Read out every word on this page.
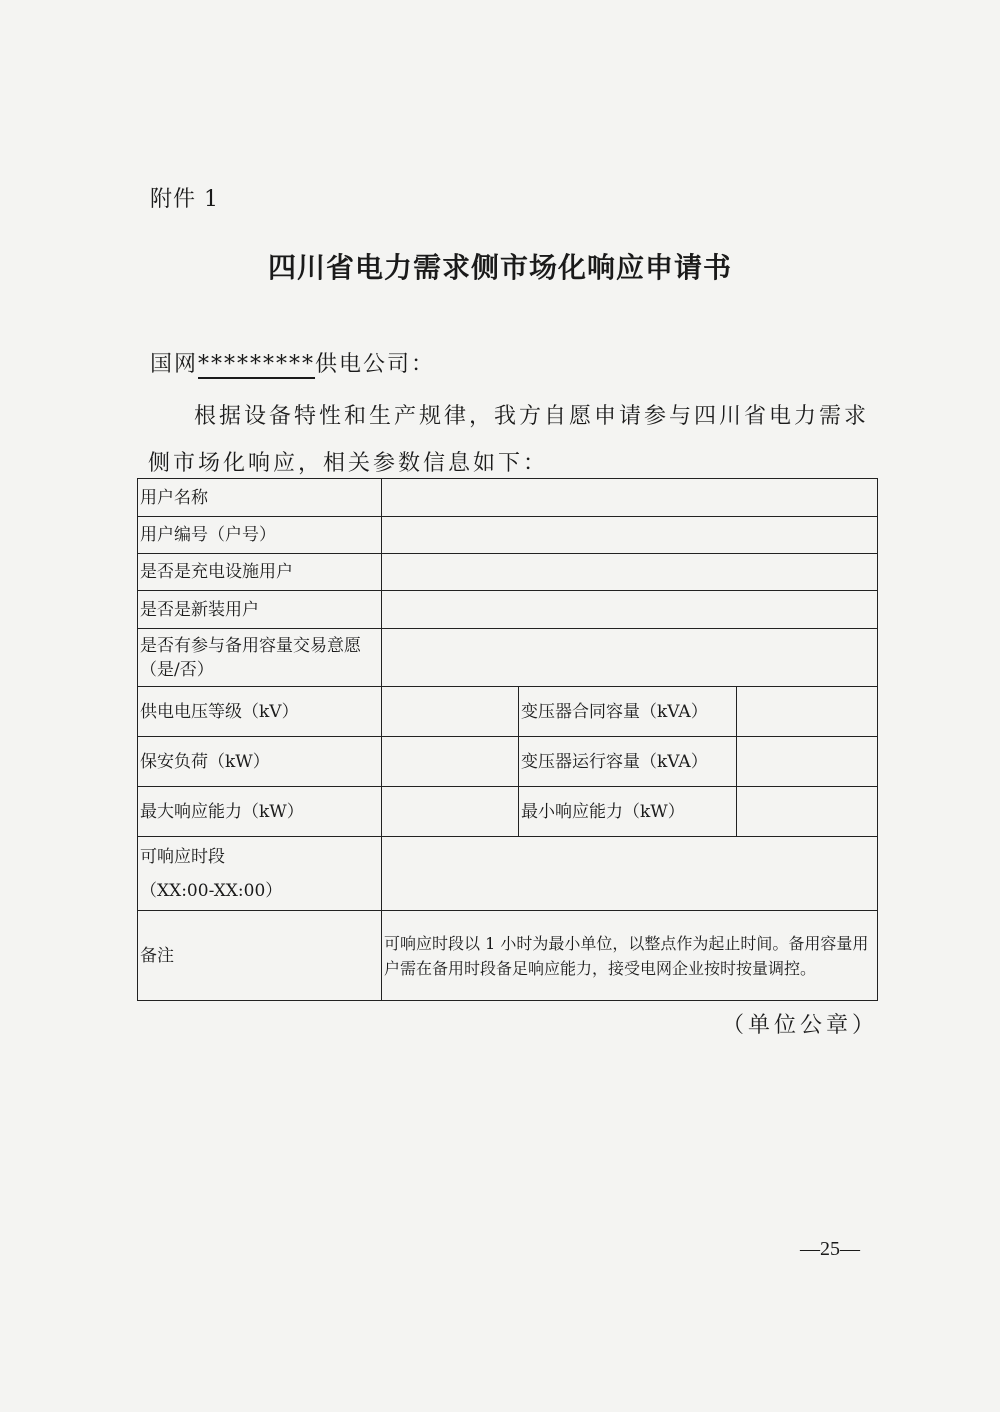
附件 1
四川省电力需求侧市场化响应申请书
国网*********供电公司：

根据设备特性和生产规律，我方自愿申请参与四川省电力需求侧市场化响应，相关参数信息如下：

用户名称			
用户编号（户号）			
是否是充电设施用户			
是否是新装用户			
是否有参与备用容量交易意愿（是/否）			
供电电压等级（kV）		变压器合同容量（kVA）	
保安负荷（kW）		变压器运行容量（kVA）	
最大响应能力（kW）		最小响应能力（kW）	

可响应时段
（XX:00-XX:00）			

备注	可响应时段以 1 小时为最小单位，以整点作为起止时间。备用容量用户需在备用时段备足响应能力，接受电网企业按时按量调控。		
（单位公章）
—25—
